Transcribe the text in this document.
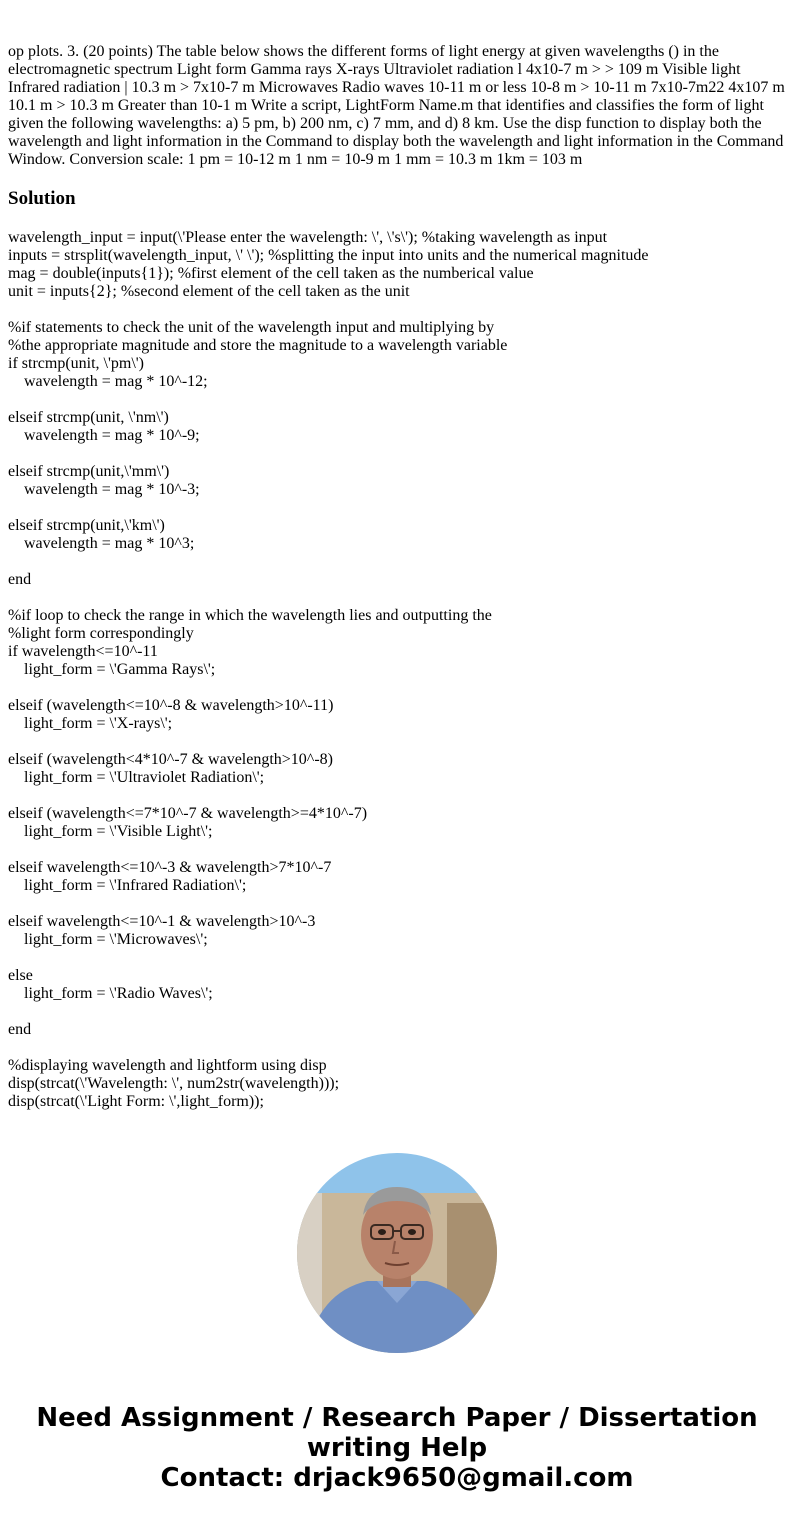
op plots. 3. (20 points) The table below shows the different forms of light energy at given wavelengths () in the electromagnetic spectrum Light form Gamma rays X-rays Ultraviolet radiation l 4x10-7 m > > 109 m Visible light Infrared radiation | 10.3 m > 7x10-7 m Microwaves Radio waves 10-11 m or less 10-8 m > 10-11 m 7x10-7m22 4x107 m 10.1 m > 10.3 m Greater than 10-1 m Write a script, LightForm Name.m that identifies and classifies the form of light given the following wavelengths: a) 5 pm, b) 200 nm, c) 7 mm, and d) 8 km. Use the disp function to display both the wavelength and light information in the Command to display both the wavelength and light information in the Command Window. Conversion scale: 1 pm = 10-12 m 1 nm = 10-9 m 1 mm = 10.3 m 1km = 103 m

Solution
wavelength_input = input(\'Please enter the wavelength: \', \'s\'); %taking wavelength as input
inputs = strsplit(wavelength_input, \' \'); %splitting the input into units and the numerical magnitude
mag = double(inputs{1}); %first element of the cell taken as the numberical value
unit = inputs{2}; %second element of the cell taken as the unit
%if statements to check the unit of the wavelength input and multiplying by
%the appropriate magnitude and store the magnitude to a wavelength variable
if strcmp(unit, \'pm\')
wavelength = mag * 10^-12;
elseif strcmp(unit, \'nm\')
wavelength = mag * 10^-9;
elseif strcmp(unit,\'mm\')
wavelength = mag * 10^-3;
elseif strcmp(unit,\'km\')
wavelength = mag * 10^3;
end
%if loop to check the range in which the wavelength lies and outputting the
%light form correspondingly
if wavelength<=10^-11
light_form = \'Gamma Rays\';
elseif (wavelength<=10^-8 & wavelength>10^-11)
light_form = \'X-rays\';
elseif (wavelength<4*10^-7 & wavelength>10^-8)
light_form = \'Ultraviolet Radiation\';
elseif (wavelength<=7*10^-7 & wavelength>=4*10^-7)
light_form = \'Visible Light\';
elseif wavelength<=10^-3 & wavelength>7*10^-7
light_form = \'Infrared Radiation\';
elseif wavelength<=10^-1 & wavelength>10^-3
light_form = \'Microwaves\';
else
light_form = \'Radio Waves\';
end
%displaying wavelength and lightform using disp
disp(strcat(\'Wavelength: \', num2str(wavelength)));
disp(strcat(\'Light Form: \',light_form));
Need Assignment / Research Paper / Dissertation
writing Help
Contact: drjack9650@gmail.com
